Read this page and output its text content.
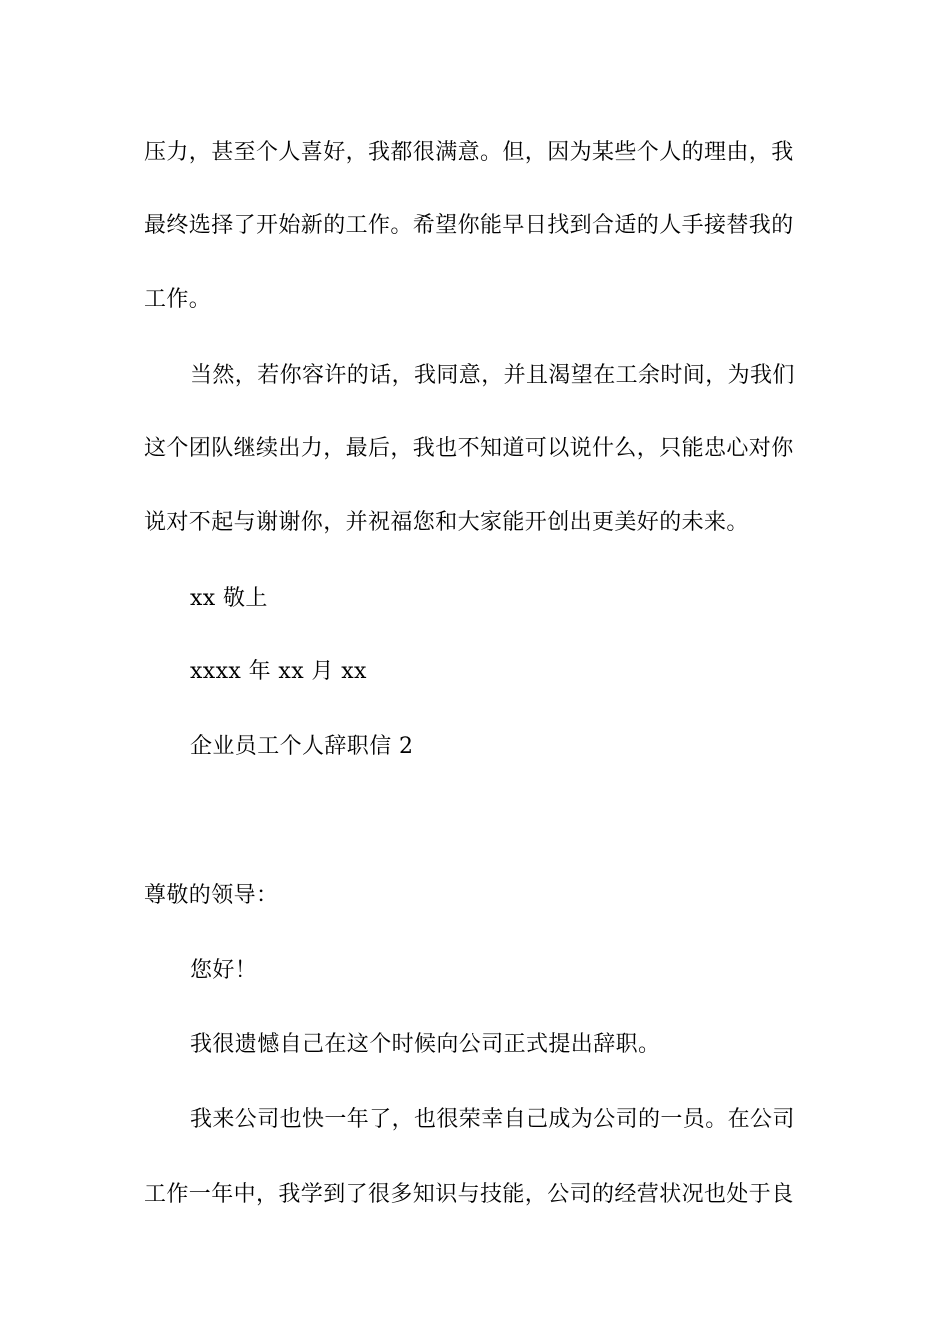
压力，甚至个人喜好，我都很满意。但，因为某些个人的理由，我
最终选择了开始新的工作。希望你能早日找到合适的人手接替我的
工作。
当然，若你容许的话，我同意，并且渴望在工余时间，为我们
这个团队继续出力，最后，我也不知道可以说什么，只能忠心对你
说对不起与谢谢你，并祝福您和大家能开创出更美好的未来。
xx 敬上
xxxx 年 xx 月 xx
企业员工个人辞职信 2
尊敬的领导：
您好！
我很遗憾自己在这个时候向公司正式提出辞职。
我来公司也快一年了，也很荣幸自己成为公司的一员。在公司
工作一年中，我学到了很多知识与技能，公司的经营状况也处于良
